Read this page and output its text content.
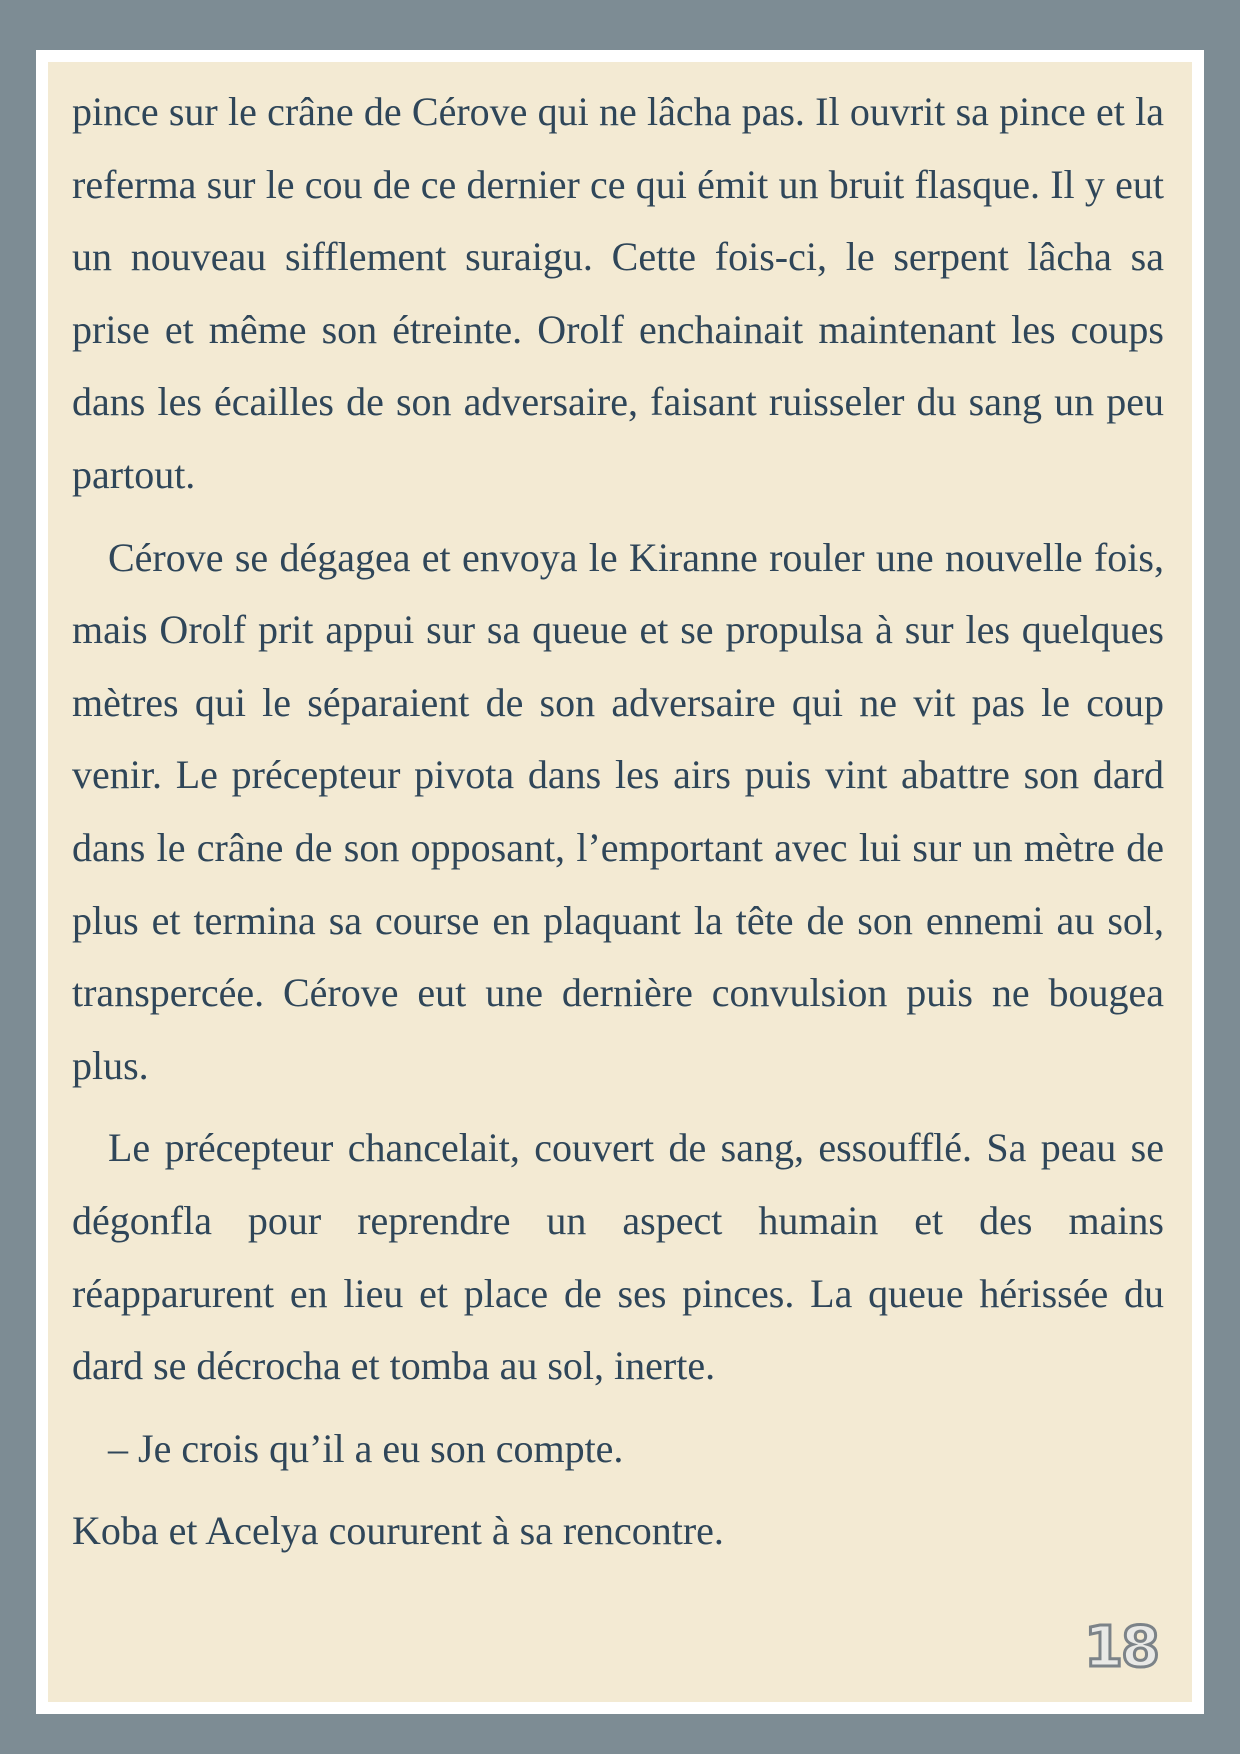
pince sur le crâne de Cérove qui ne lâcha pas. Il ouvrit sa pince et la referma sur le cou de ce dernier ce qui émit un bruit flasque. Il y eut un nouveau sifflement suraigu. Cette fois-ci, le serpent lâcha sa prise et même son étreinte. Orolf enchainait maintenant les coups dans les écailles de son adversaire, faisant ruisseler du sang un peu partout.

Cérove se dégagea et envoya le Kiranne rouler une nouvelle fois, mais Orolf prit appui sur sa queue et se propulsa à sur les quelques mètres qui le séparaient de son adversaire qui ne vit pas le coup venir. Le précepteur pivota dans les airs puis vint abattre son dard dans le crâne de son opposant, l’emportant avec lui sur un mètre de plus et termina sa course en plaquant la tête de son ennemi au sol, transpercée. Cérove eut une dernière convulsion puis ne bougea plus.

Le précepteur chancelait, couvert de sang, essoufflé. Sa peau se dégonfla pour reprendre un aspect humain et des mains réapparurent en lieu et place de ses pinces. La queue hérissée du dard se décrocha et tomba au sol, inerte.

– Je crois qu’il a eu son compte.

Koba et Acelya coururent à sa rencontre.

18
